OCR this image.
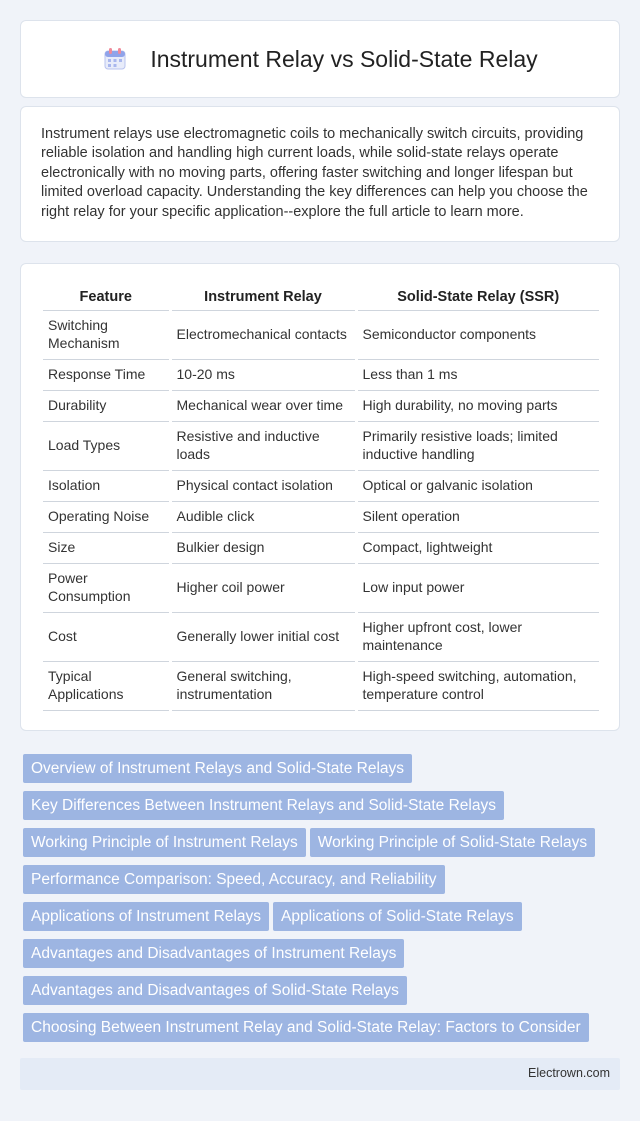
Instrument Relay vs Solid-State Relay

Instrument relays use electromagnetic coils to mechanically switch circuits, providing reliable isolation and handling high current loads, while solid-state relays operate electronically with no moving parts, offering faster switching and longer lifespan but limited overload capacity. Understanding the key differences can help you choose the right relay for your specific application--explore the full article to learn more.

Feature	Instrument Relay	Solid-State Relay (SSR)
Switching Mechanism	Electromechanical contacts	Semiconductor components
Response Time	10-20 ms	Less than 1 ms
Durability	Mechanical wear over time	High durability, no moving parts
Load Types	Resistive and inductive loads	Primarily resistive loads; limited inductive handling
Isolation	Physical contact isolation	Optical or galvanic isolation
Operating Noise	Audible click	Silent operation
Size	Bulkier design	Compact, lightweight
Power Consumption	Higher coil power	Low input power
Cost	Generally lower initial cost	Higher upfront cost, lower maintenance
Typical Applications	General switching, instrumentation	High-speed switching, automation, temperature control
Overview of Instrument Relays and Solid-State Relays
Key Differences Between Instrument Relays and Solid-State Relays
Working Principle of Instrument Relays Working Principle of Solid-State Relays
Performance Comparison: Speed, Accuracy, and Reliability
Applications of Instrument Relays Applications of Solid-State Relays
Advantages and Disadvantages of Instrument Relays
Advantages and Disadvantages of Solid-State Relays
Choosing Between Instrument Relay and Solid-State Relay: Factors to Consider
Electrown.com
